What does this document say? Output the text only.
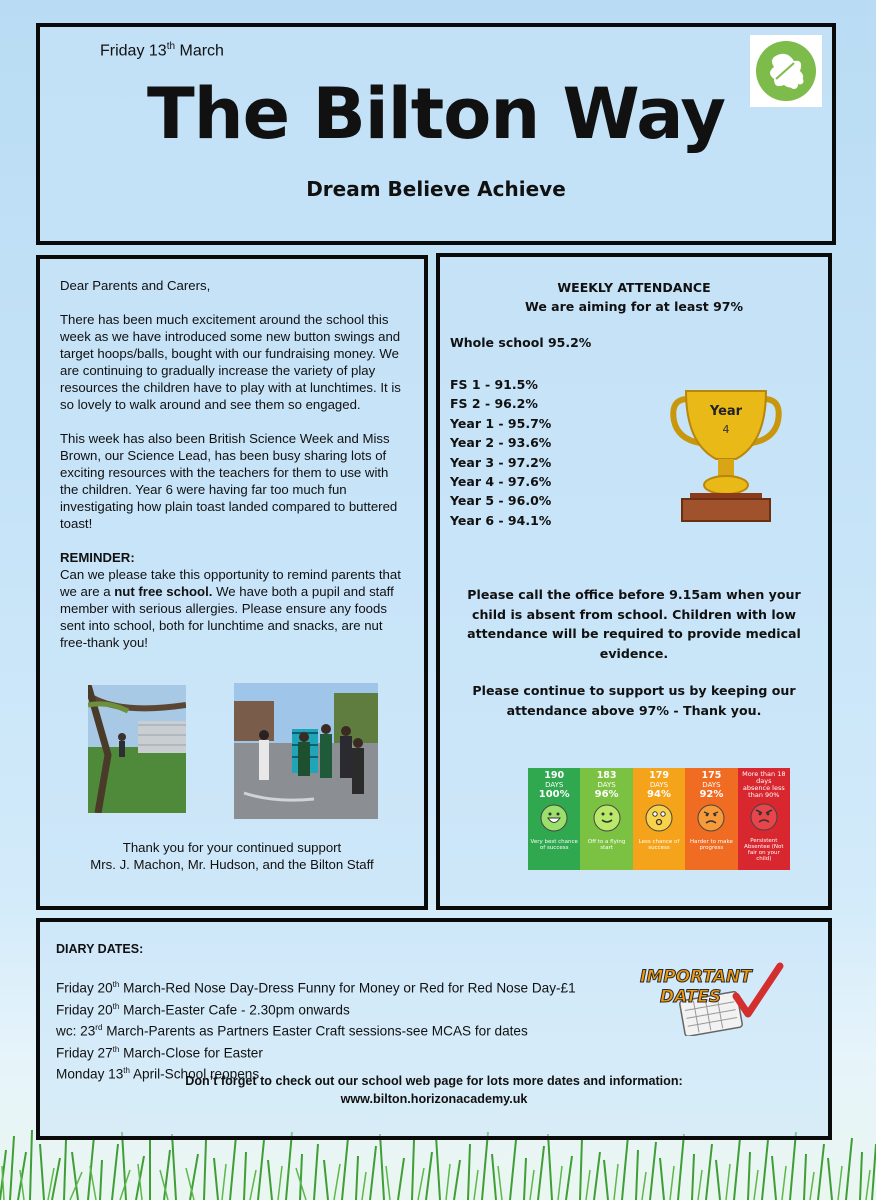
Friday 13th March
The Bilton Way
Dream Believe Achieve

Dear Parents and Carers,

There has been much excitement around the school this week as we have introduced some new button swings and target hoops/balls, bought with our fundraising money. We are continuing to gradually increase the variety of play resources the children have to play with at lunchtimes. It is so lovely to walk around and see them so engaged.

This week has also been British Science Week and Miss Brown, our Science Lead, has been busy sharing lots of exciting resources with the teachers for them to use with the children. Year 6 were having far too much fun investigating how plain toast landed compared to buttered toast!

REMINDER:
Can we please take this opportunity to remind parents that we are a nut free school. We have both a pupil and staff member with serious allergies. Please ensure any foods sent into school, both for lunchtime and snacks, are nut free-thank you!
Thank you for your continued support
Mrs. J. Machon, Mr. Hudson, and the Bilton Staff
WEEKLY ATTENDANCE
We are aiming for at least 97%
Whole school 95.2%
FS 1 - 91.5%
FS 2 - 96.2%
Year 1 - 95.7%
Year 2 - 93.6%
Year 3 - 97.2%
Year 4 - 97.6%
Year 5 - 96.0%
Year 6 - 94.1%
Year
4
Please call the office before 9.15am when your child is absent from school. Children with low attendance will be required to provide medical evidence.
Please continue to support us by keeping our attendance above 97% - Thank you.
190
DAYS
100%
Very best chance of success
183
DAYS
96%
Off to a flying start
179
DAYS
94%
Less chance of success
175
DAYS
92%
Harder to make progress
More than 18 days
absence less
than 90%
Persistent Absentee (Not fair on your child)
DIARY DATES:
Friday 20th March-Red Nose Day-Dress Funny for Money or Red for Red Nose Day-£1
Friday 20th March-Easter Cafe - 2.30pm onwards
wc: 23rd March-Parents as Partners Easter Craft sessions-see MCAS for dates
Friday 27th March-Close for Easter
Monday 13th April-School reopens
Don’t forget to check out our school web page for lots more dates and information:
www.bilton.horizonacademy.uk
IMPORTANT
DATES
